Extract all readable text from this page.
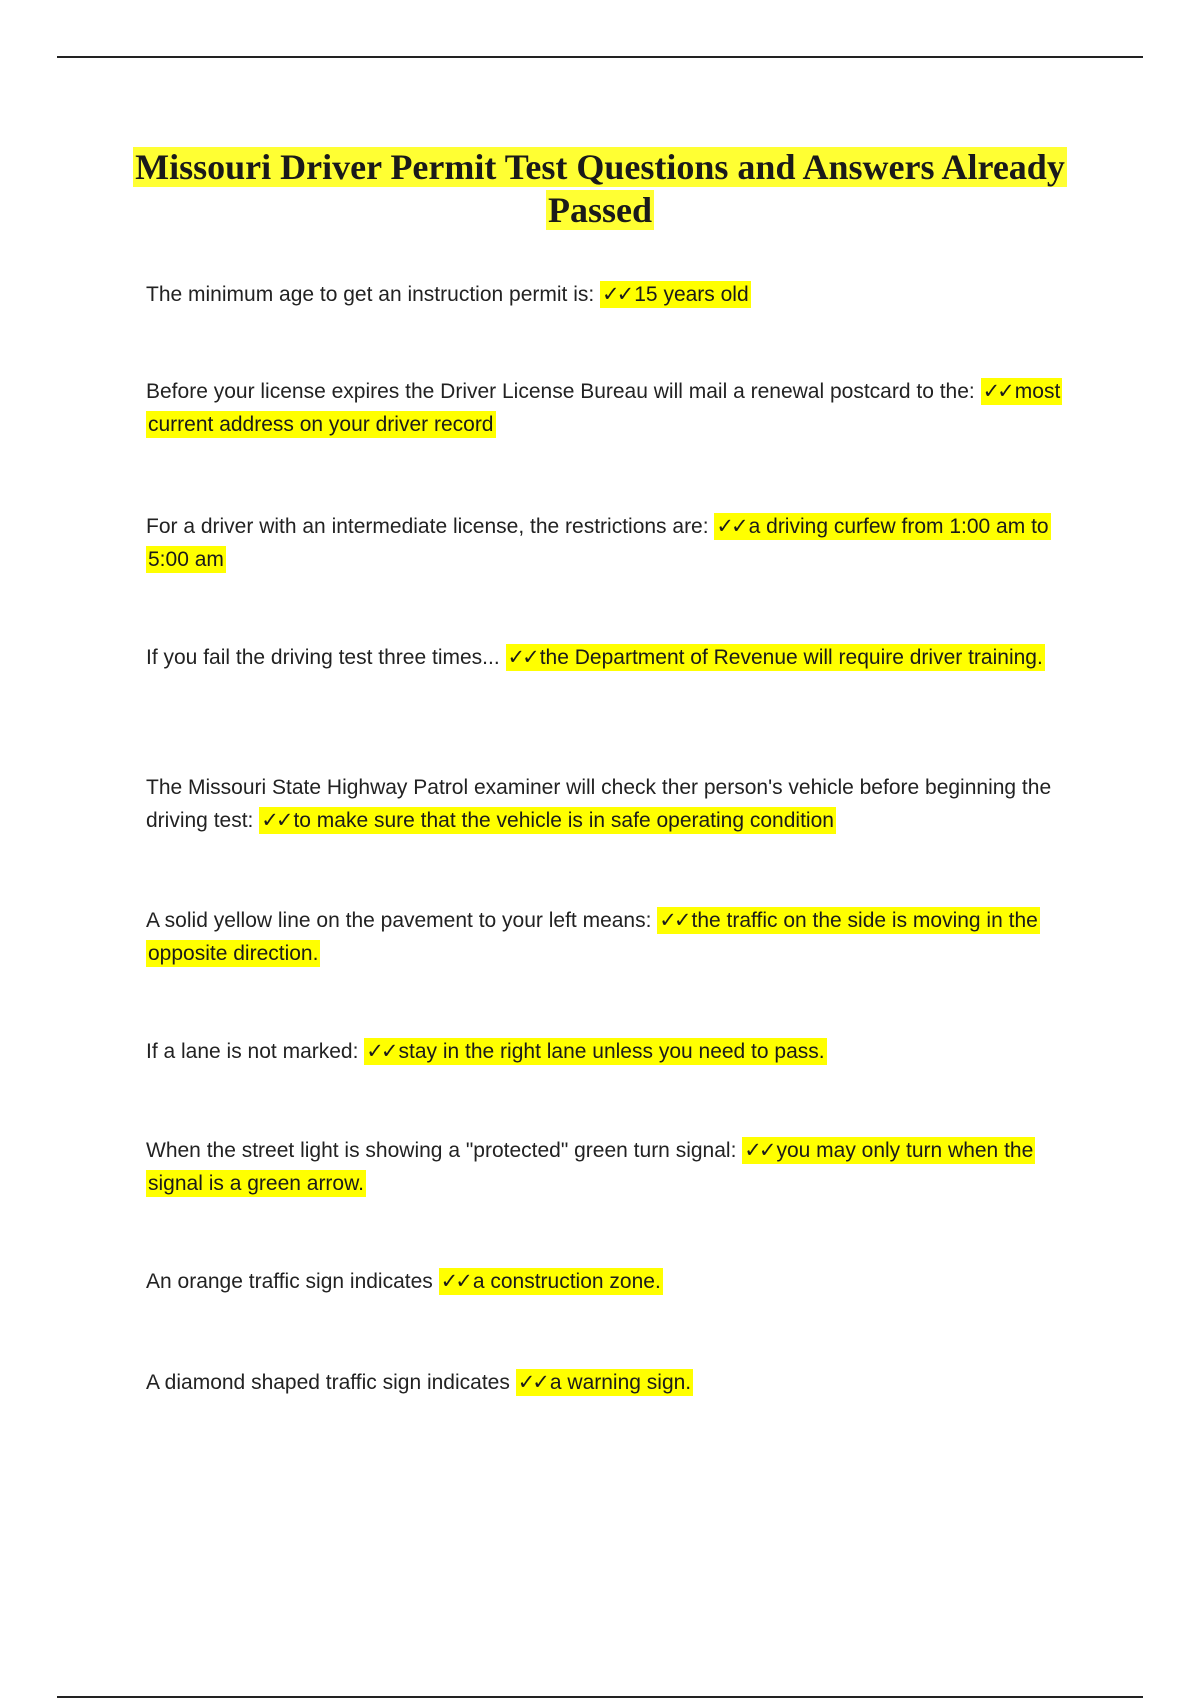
Missouri Driver Permit Test Questions and Answers Already Passed

The minimum age to get an instruction permit is: ✓✓ 15 years old

Before your license expires the Driver License Bureau will mail a renewal postcard to the: ✓✓ most current address on your driver record

For a driver with an intermediate license, the restrictions are: ✓✓ a driving curfew from 1:00 am to 5:00 am

If you fail the driving test three times... ✓✓ the Department of Revenue will require driver training.

The Missouri State Highway Patrol examiner will check ther person's vehicle before beginning the driving test: ✓✓ to make sure that the vehicle is in safe operating condition

A solid yellow line on the pavement to your left means: ✓✓ the traffic on the side is moving in the opposite direction.

If a lane is not marked: ✓✓ stay in the right lane unless you need to pass.

When the street light is showing a "protected" green turn signal: ✓✓ you may only turn when the signal is a green arrow.

An orange traffic sign indicates ✓✓ a construction zone.

A diamond shaped traffic sign indicates ✓✓ a warning sign.
